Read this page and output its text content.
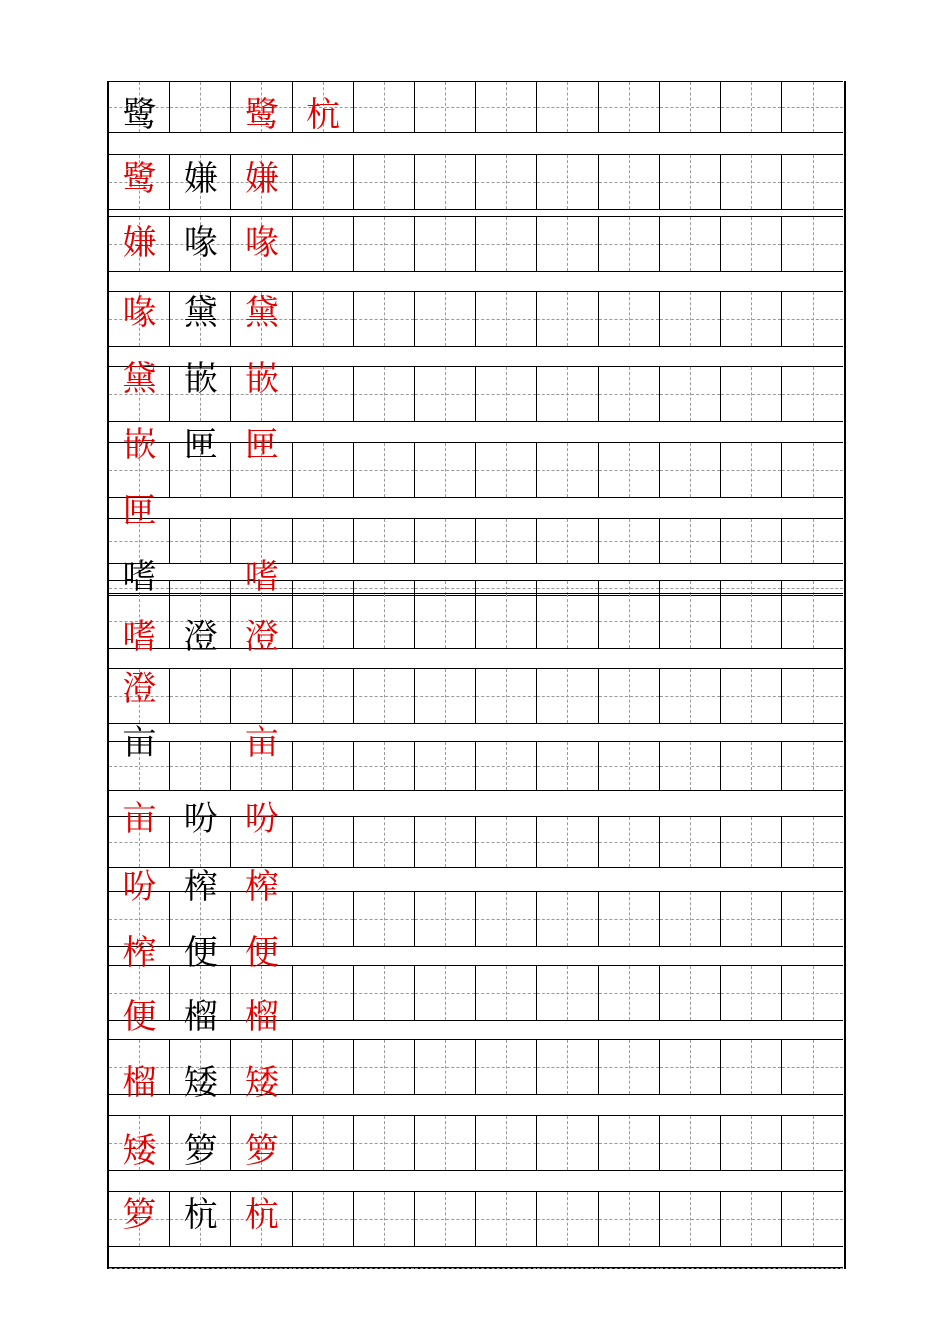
鹭	鹭 杭
鹭 嫌 嫌
嫌 喙 喙
喙 黛 黛
黛 嵌 嵌
嵌 匣 匣
匣
嗜	嗜
嗜 澄 澄
澄
亩	亩
亩 吩 吩
吩 榨 榨
榨 便 便
便 榴 榴
榴 矮 矮
矮 箩 箩
箩 杭 杭
